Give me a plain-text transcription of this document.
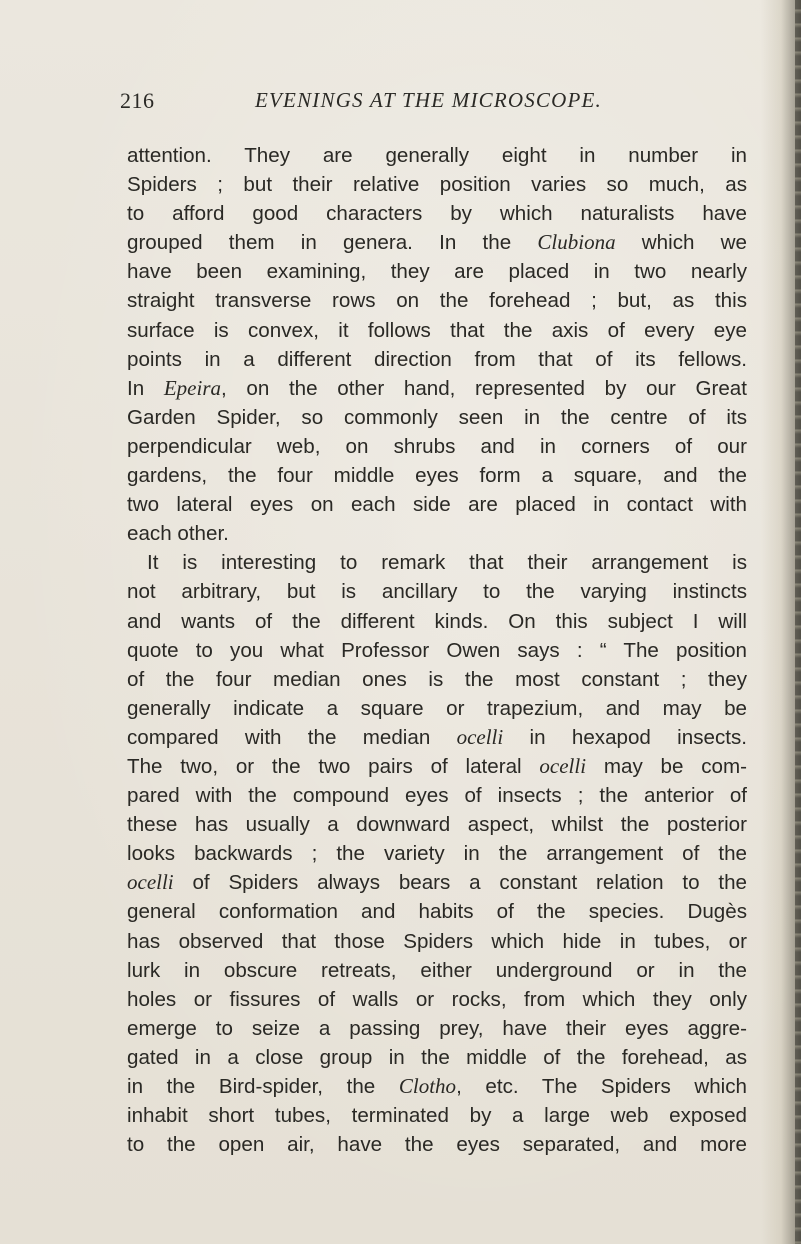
216	EVENINGS AT THE MICROSCOPE.
attention. They are generally eight in number in
Spiders ; but their relative position varies so much, as
to afford good characters by which naturalists have
grouped them in genera. In the Clubiona which we
have been examining, they are placed in two nearly
straight transverse rows on the forehead ; but, as this
surface is convex, it follows that the axis of every eye
points in a different direction from that of its fellows.
In Epeira, on the other hand, represented by our Great
Garden Spider, so commonly seen in the centre of its
perpendicular web, on shrubs and in corners of our
gardens, the four middle eyes form a square, and the
two lateral eyes on each side are placed in contact with
each other.
It is interesting to remark that their arrangement is
not arbitrary, but is ancillary to the varying instincts
and wants of the different kinds. On this subject I will
quote to you what Professor Owen says : “ The position
of the four median ones is the most constant ; they
generally indicate a square or trapezium, and may be
compared with the median ocelli in hexapod insects.
The two, or the two pairs of lateral ocelli may be com-
pared with the compound eyes of insects ; the anterior of
these has usually a downward aspect, whilst the posterior
looks backwards ; the variety in the arrangement of the
ocelli of Spiders always bears a constant relation to the
general conformation and habits of the species. Dugès
has observed that those Spiders which hide in tubes, or
lurk in obscure retreats, either underground or in the
holes or fissures of walls or rocks, from which they only
emerge to seize a passing prey, have their eyes aggre-
gated in a close group in the middle of the forehead, as
in the Bird-spider, the Clotho, etc. The Spiders which
inhabit short tubes, terminated by a large web exposed
to the open air, have the eyes separated, and more
